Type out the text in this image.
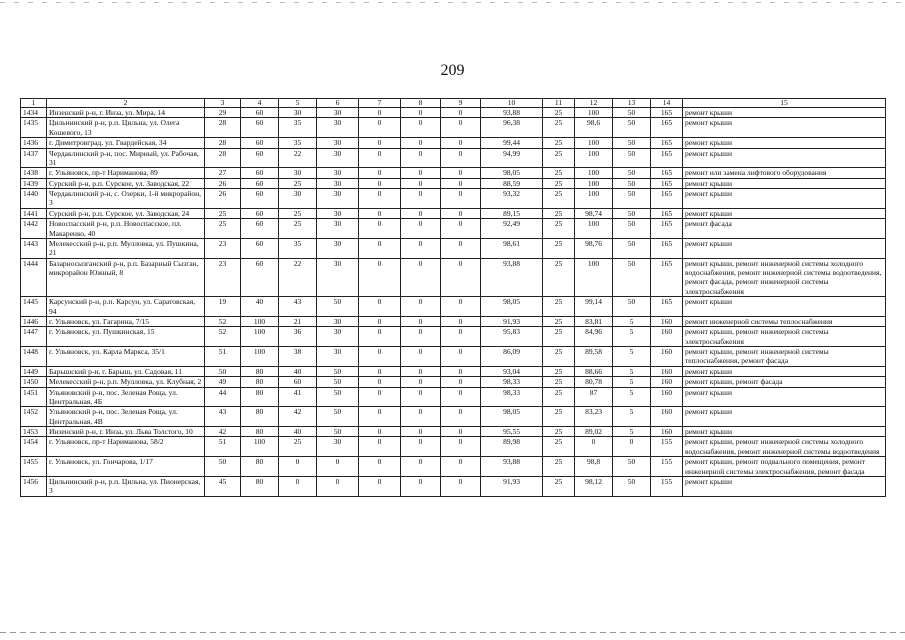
209
1	2	3	4	5	6	7	8	9	10	11	12	13	14	15
1434	Инзенский р-н, г. Инза, ул. Мира, 14	29	60	30	30	0	0	0	93,88	25	100	50	165	ремонт крыши
1435	Цильнинский р-н, р.п. Цильна, ул. Олега Кошевого, 13	28	60	35	30	0	0	0	96,38	25	98,6	50	165	ремонт крыши
1436	г. Димитровград, ул. Гвардейская, 34	28	60	35	30	0	0	0	99,44	25	100	50	165	ремонт крыши
1437	Чердаклинский р-н, пос. Мирный, ул. Рабочая, 31	28	60	22	30	0	0	0	94,99	25	100	50	165	ремонт крыши
1438	г. Ульяновск, пр-т Нариманова, 89	27	60	30	30	0	0	0	98,05	25	100	50	165	ремонт или замена лифтового оборудования
1439	Сурский р-н, р.п. Сурское, ул. Заводская, 22	26	60	25	30	0	0	0	88,59	25	100	50	165	ремонт крыши
1440	Чердаклинский р-н, с. Озерки, 1-й микрорайон, 3	26	60	30	30	0	0	0	93,32	25	100	50	165	ремонт крыши
1441	Сурский р-н, р.п. Сурское, ул. Заводская, 24	25	60	25	30	0	0	0	89,15	25	98,74	50	165	ремонт крыши
1442	Новоспасский р-н, р.п. Новоспасское, пл. Макаренко, 40	25	60	25	30	0	0	0	92,49	25	100	50	165	ремонт фасада
1443	Мелекесский р-н, р.п. Мулловка, ул. Пушкина, 21	23	60	35	30	0	0	0	98,61	25	98,76	50	165	ремонт крыши
1444	Базарносызганский р-н, р.п. Базарный Сызган, микрорайон Южный, 8	23	60	22	30	0	0	0	93,88	25	100	50	165	ремонт крыши, ремонт инженерной системы холодного водоснабжения, ремонт инженерной системы водоотведения, ремонт фасада, ремонт инженерной системы электроснабжения
1445	Карсунский р-н, р.п. Карсун, ул. Саратовская, 94	19	40	43	50	0	0	0	98,05	25	99,14	50	165	ремонт крыши
1446	г. Ульяновск, ул. Гагарина, 7/15	52	100	21	30	0	0	0	91,93	25	83,81	5	160	ремонт инженерной системы теплоснабжения
1447	г. Ульяновск, ул. Пушкинская, 15	52	100	36	30	0	0	0	95,83	25	84,96	5	160	ремонт крыши, ремонт инженерной системы электроснабжения
1448	г. Ульяновск, ул. Карла Маркса, 35/1	51	100	38	30	0	0	0	86,09	25	89,58	5	160	ремонт крыши, ремонт инженерной системы теплоснабжения, ремонт фасада
1449	Барышский р-н, г. Барыш, ул. Садовая, 11	50	80	40	50	0	0	0	93,04	25	88,66	5	160	ремонт крыши
1450	Мелекесский р-н, р.п. Мулловка, ул. Клубная, 2	49	80	60	50	0	0	0	98,33	25	80,78	5	160	ремонт крыши, ремонт фасада
1451	Ульяновский р-н, пос. Зеленая Роща, ул. Центральная, 4Б	44	80	41	50	0	0	0	98,33	25	87	5	160	ремонт крыши
1452	Ульяновский р-н, пос. Зеленая Роща, ул. Центральная, 4В	43	80	42	50	0	0	0	98,05	25	83,23	5	160	ремонт крыши
1453	Инзенский р-н, г. Инза, ул. Льва Толстого, 10	42	80	40	50	0	0	0	95,55	25	89,02	5	160	ремонт крыши
1454	г. Ульяновск, пр-т Нариманова, 58/2	51	100	25	30	0	0	0	89,98	25	0	0	155	ремонт крыши, ремонт инженерной системы холодного водоснабжения, ремонт инженерной системы водоотведения
1455	г. Ульяновск, ул. Гончарова, 1/17	50	80	0	0	0	0	0	93,88	25	98,8	50	155	ремонт крыши, ремонт подвального помещения, ремонт инженерной системы электроснабжения, ремонт фасада
1456	Цильнинский р-н, р.п. Цильна, ул. Пионерская, 3	45	80	0	0	0	0	0	91,93	25	98,12	50	155	ремонт крыши
